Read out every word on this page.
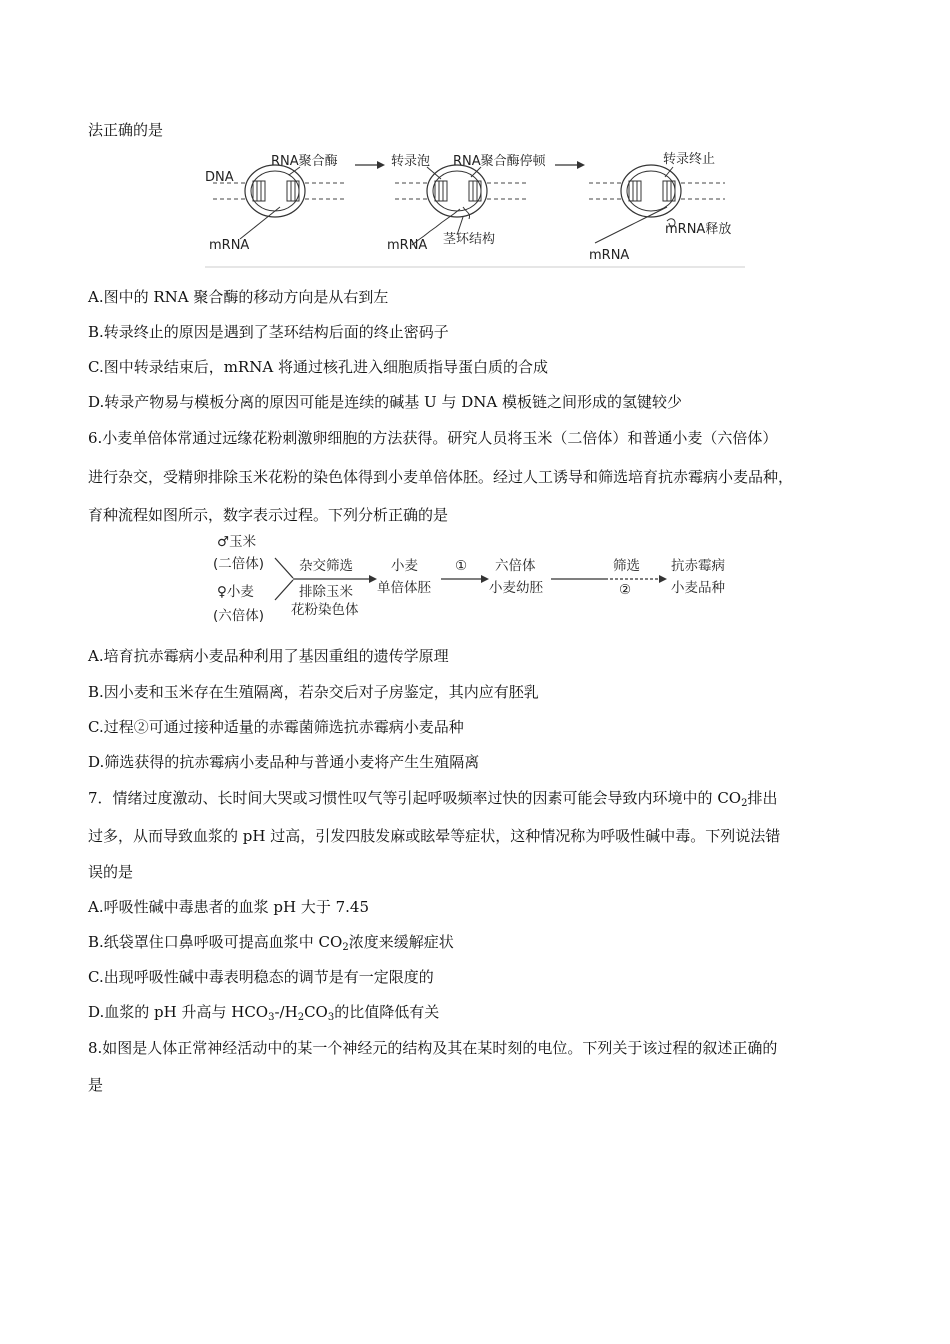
法正确的是
RNA聚合酶
DNA
mRNA
转录泡 RNA聚合酶停顿
mRNA 茎环结构
转录终止
mRNA释放
mRNA
A.图中的 RNA 聚合酶的移动方向是从右到左
B.转录终止的原因是遇到了茎环结构后面的终止密码子
C.图中转录结束后，mRNA 将通过核孔进入细胞质指导蛋白质的合成
D.转录产物易与模板分离的原因可能是连续的碱基 U 与 DNA 模板链之间形成的氢键较少
6.小麦单倍体常通过远缘花粉刺激卵细胞的方法获得。研究人员将玉米（二倍体）和普通小麦（六倍体）
进行杂交，受精卵排除玉米花粉的染色体得到小麦单倍体胚。经过人工诱导和筛选培育抗赤霉病小麦品种，
育种流程如图所示，数字表示过程。下列分析正确的是
♂玉米
(二倍体)
♀小麦
(六倍体)
杂交筛选
排除玉米
花粉染色体
小麦
单倍体胚
① 六倍体
小麦幼胚
筛选
②
抗赤霉病
小麦品种
A.培育抗赤霉病小麦品种利用了基因重组的遗传学原理
B.因小麦和玉米存在生殖隔离，若杂交后对子房鉴定，其内应有胚乳
C.过程②可通过接种适量的赤霉菌筛选抗赤霉病小麦品种
D.筛选获得的抗赤霉病小麦品种与普通小麦将产生生殖隔离
7．情绪过度激动、长时间大哭或习惯性叹气等引起呼吸频率过快的因素可能会导致内环境中的 $CO_2$排出
过多，从而导致血浆的 pH 过高，引发四肢发麻或眩晕等症状，这种情况称为呼吸性碱中毒。下列说法错
误的是
A.呼吸性碱中毒患者的血浆 pH 大于 7.45
B.纸袋罩住口鼻呼吸可提高血浆中 $CO_2$浓度来缓解症状
C.出现呼吸性碱中毒表明稳态的调节是有一定限度的
D.血浆的 pH 升高与 $HCO_3-/H_2CO_3$的比值降低有关
8.如图是人体正常神经活动中的某一个神经元的结构及其在某时刻的电位。下列关于该过程的叙述正确的
是
